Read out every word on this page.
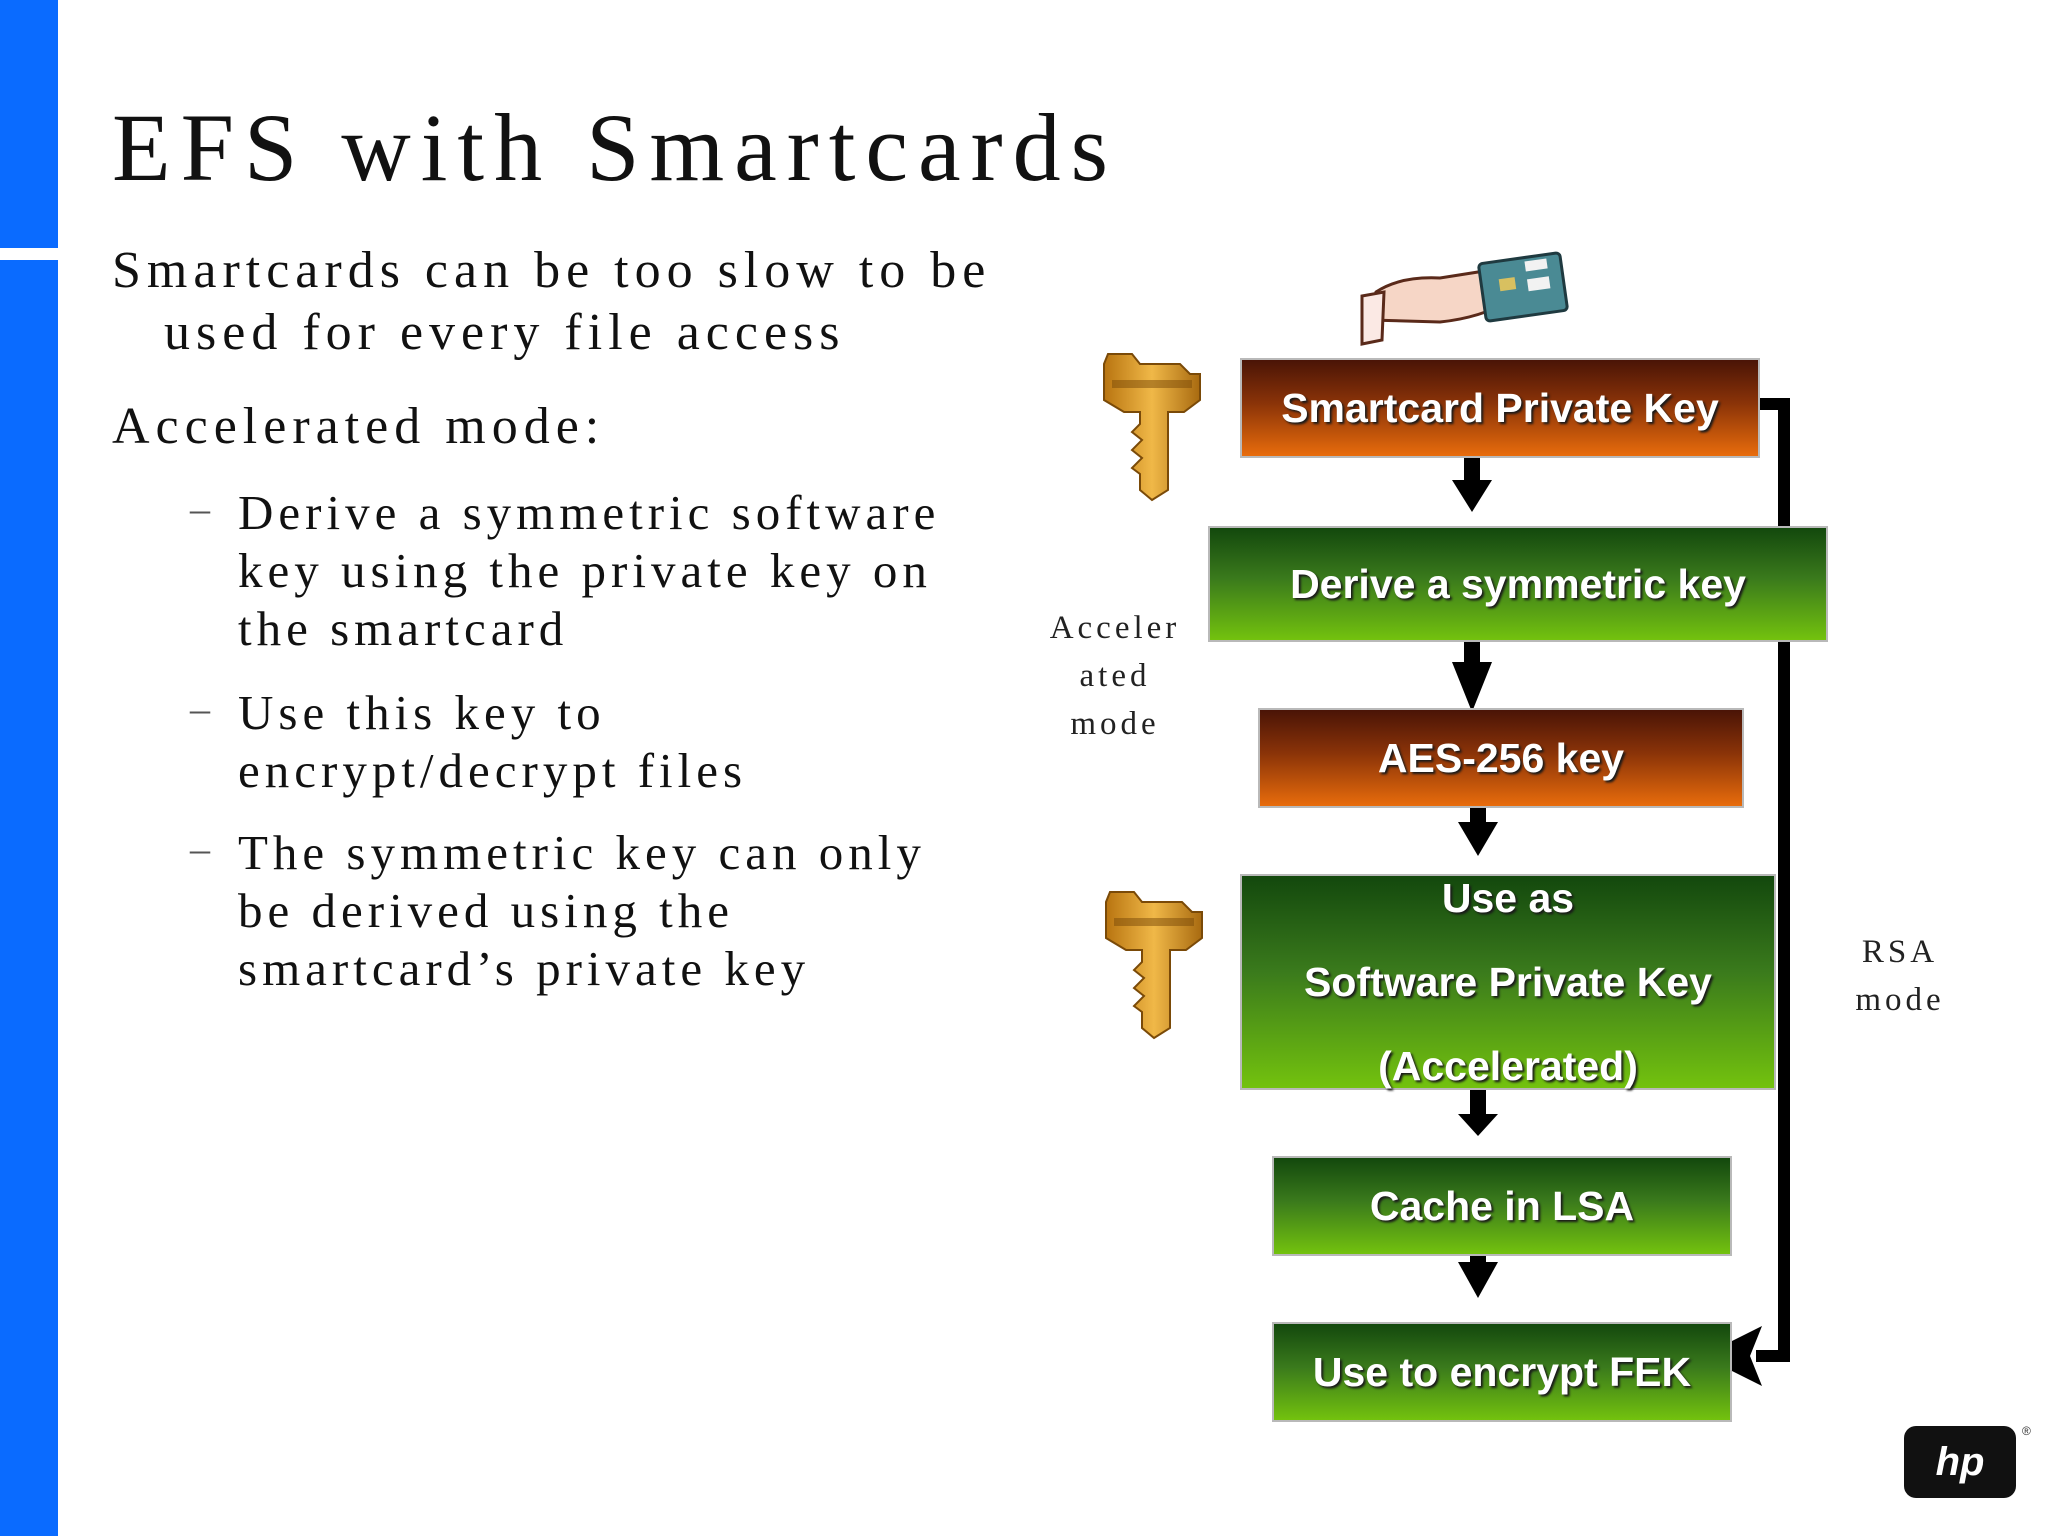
EFS with Smartcards

Smartcards can be too slow to be used for every file access

Accelerated mode:

– Derive a symmetric software key using the private key on the smartcard
– Use this key to encrypt/decrypt files
– The symmetric key can only be derived using the smartcard’s private key
Smartcard Private Key
Derive a symmetric key
AES-256 key
Use as
Software Private Key
(Accelerated)
Cache in LSA
Use to encrypt FEK

Acceler
ated
mode

RSA
mode

hp
®
